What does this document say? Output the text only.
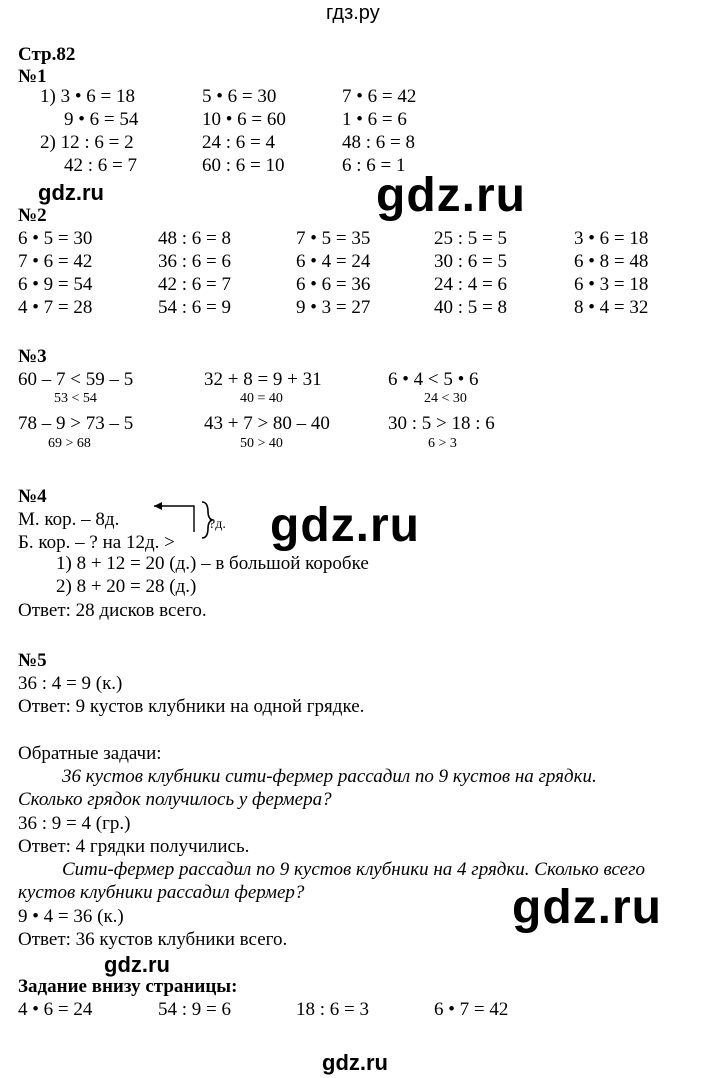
гдз.ру
Стр.82
№1
1) 3 • 6 = 18	5 • 6 = 30	7 • 6 = 42
9 • 6 = 54	10 • 6 = 60	1 • 6 = 6
2) 12 : 6 = 2	24 : 6 = 4	48 : 6 = 8
42 : 6 = 7	60 : 6 = 10	6 : 6 = 1
gdz.ru	gdz.ru
№2
6 • 5 = 30	48 : 6 = 8	7 • 5 = 35	25 : 5 = 5	3 • 6 = 18
7 • 6 = 42	36 : 6 = 6	6 • 4 = 24	30 : 6 = 5	6 • 8 = 48
6 • 9 = 54	42 : 6 = 7	6 • 6 = 36	24 : 4 = 6	6 • 3 = 18
4 • 7 = 28	54 : 6 = 9	9 • 3 = 27	40 : 5 = 8	8 • 4 = 32
№3
60 – 7 < 59 – 5	32 + 8 = 9 + 31	6 • 4 < 5 • 6
53 < 54	40 = 40	24 < 30
78 – 9 > 73 – 5	43 + 7 > 80 – 40	30 : 5 > 18 : 6
69 > 68	50 > 40	6 > 3
№4
М. кор. – 8д.
Б. кор. – ? на 12д. >
?д.
1) 8 + 12 = 20 (д.) – в большой коробке
2) 8 + 20 = 28 (д.)
Ответ: 28 дисков всего.
gdz.ru
№5
36 : 4 = 9 (к.)
Ответ: 9 кустов клубники на одной грядке.
Обратные задачи:
36 кустов клубники сити-фермер рассадил по 9 кустов на грядки.
Сколько грядок получилось у фермера?
36 : 9 = 4 (гр.)
Ответ: 4 грядки получились.
Сити-фермер рассадил по 9 кустов клубники на 4 грядки. Сколько всего
кустов клубники рассадил фермер?
9 • 4 = 36 (к.)
Ответ: 36 кустов клубники всего.
gdz.ru
gdz.ru
Задание внизу страницы:
4 • 6 = 24	54 : 9 = 6	18 : 6 = 3	6 • 7 = 42
gdz.ru
